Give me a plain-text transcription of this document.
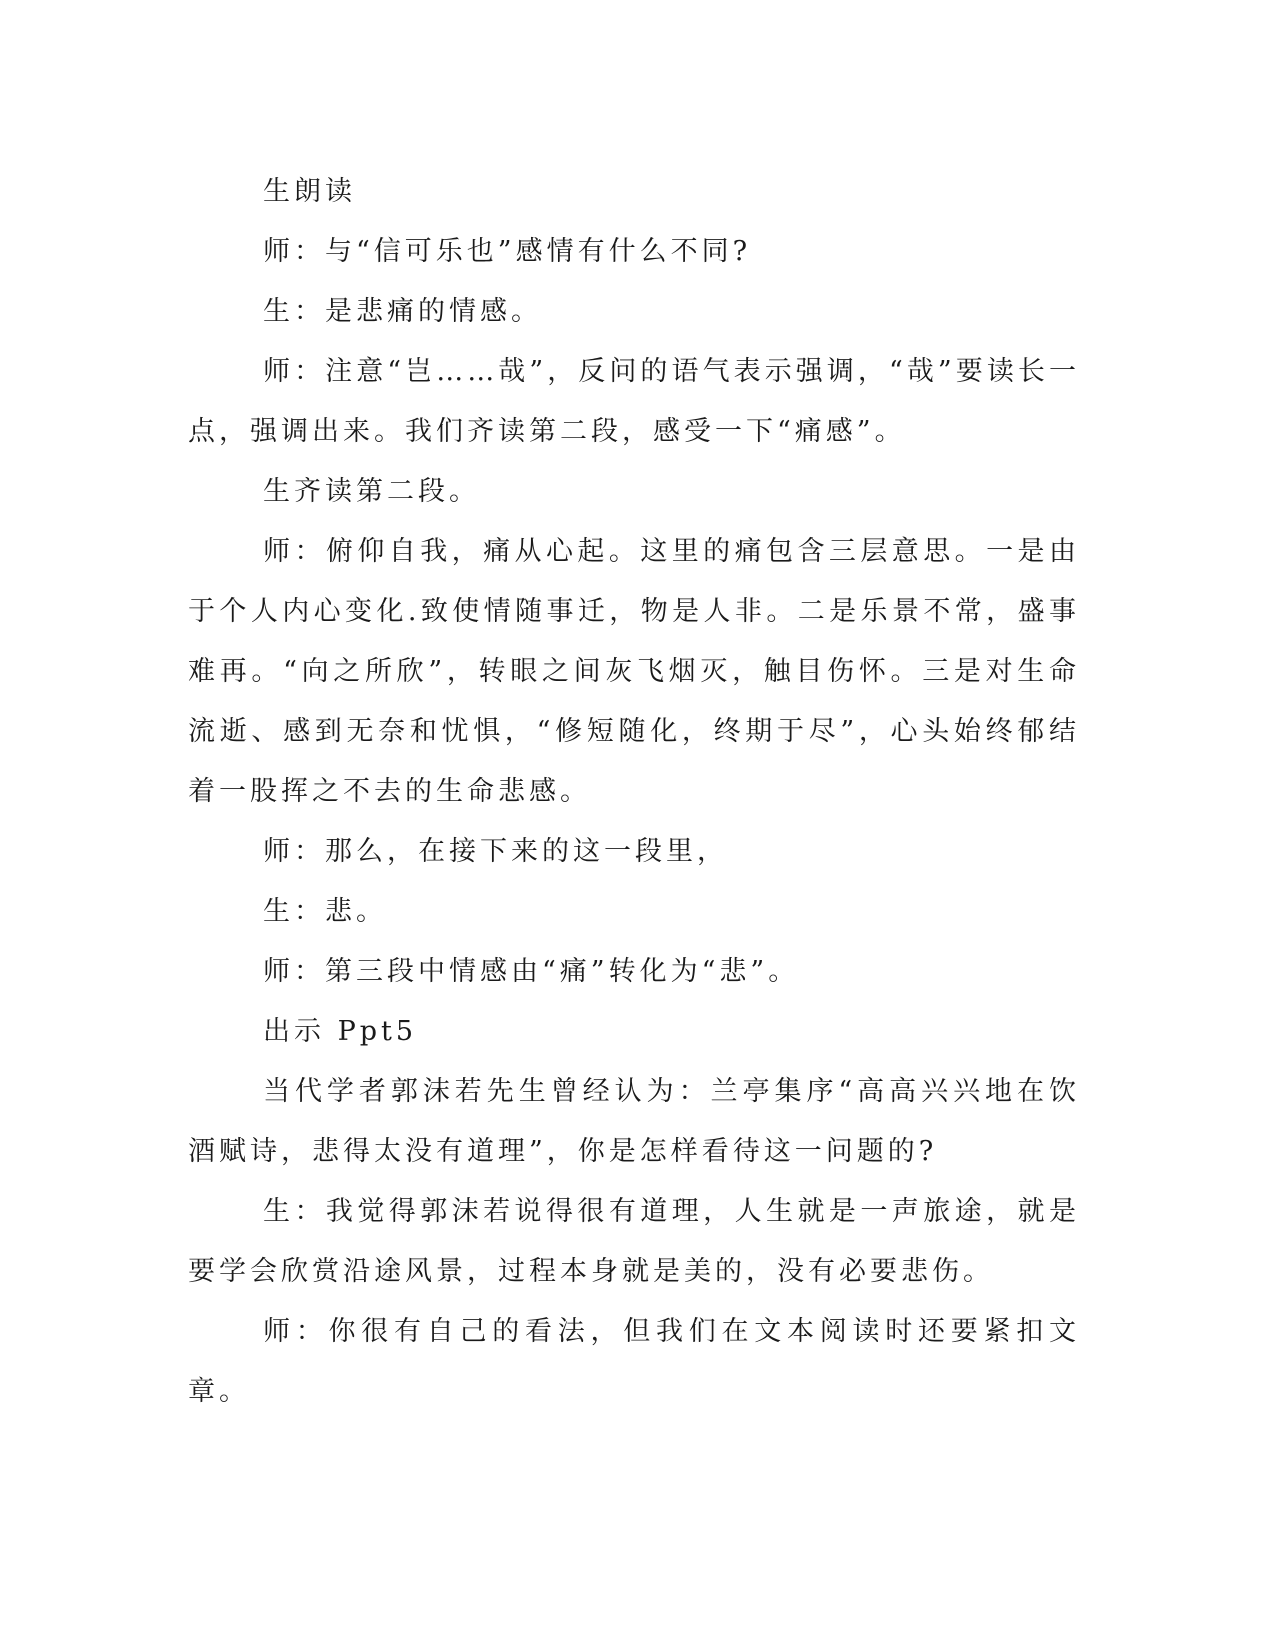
生朗读

师：与“信可乐也”感情有什么不同?

生：是悲痛的情感。

师：注意“岂……哉”，反问的语气表示强调，“哉”要读长一点，强调出来。我们齐读第二段，感受一下“痛感”。

生齐读第二段。

师：俯仰自我，痛从心起。这里的痛包含三层意思。一是由于个人内心变化.致使情随事迁，物是人非。二是乐景不常，盛事难再。“向之所欣”，转眼之间灰飞烟灭，触目伤怀。三是对生命流逝、感到无奈和忧惧，“修短随化，终期于尽”，心头始终郁结着一股挥之不去的生命悲感。

师：那么，在接下来的这一段里，

生：悲。

师：第三段中情感由“痛”转化为“悲”。

出示 Ppt5

当代学者郭沫若先生曾经认为：兰亭集序“高高兴兴地在饮酒赋诗，悲得太没有道理”，你是怎样看待这一问题的?

生：我觉得郭沫若说得很有道理，人生就是一声旅途，就是要学会欣赏沿途风景，过程本身就是美的，没有必要悲伤。

师：你很有自己的看法，但我们在文本阅读时还要紧扣文章。
